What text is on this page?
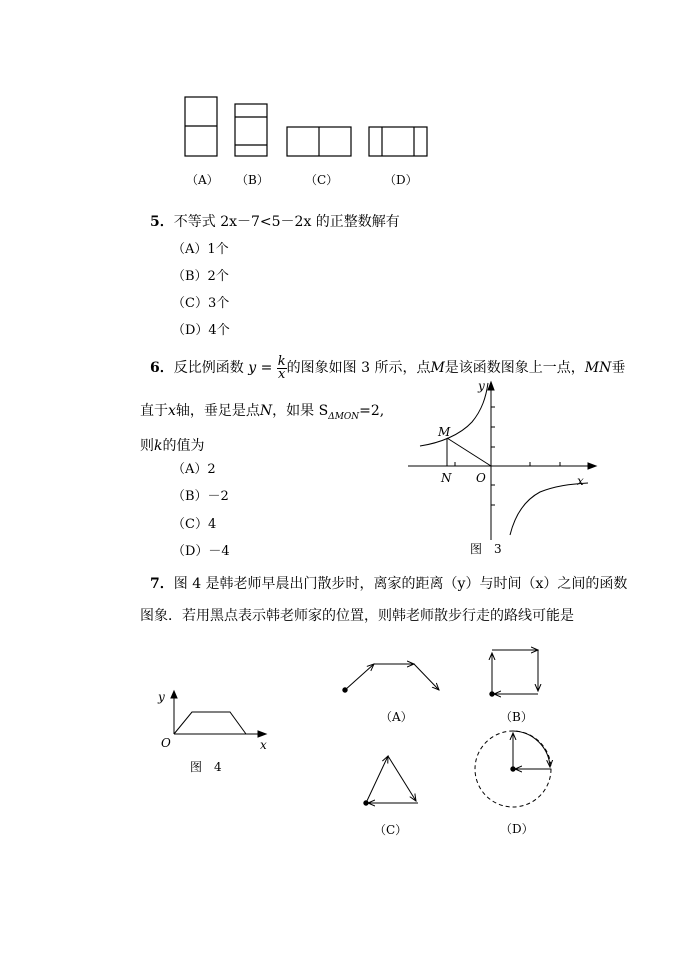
（A） （B）	（C）	（D）
5．不等式 2x－7<5－2x 的正整数解有
（A）1个
（B）2个
（C）3个
（D）4个
6．反比例函数 $y = \frac{k}{x}$ 的图象如图 3 所示，点M是该函数图象上一点，MN垂
直于x轴，垂足是点N，如果 $S_{\Delta MON}=2$,
则k的值为
（A）2
（B）－2
（C）4
（D）－4
y
M
N O	x
图　3
7．图 4 是韩老师早晨出门散步时，离家的距离（y）与时间（x）之间的函数
图象．若用黑点表示韩老师家的位置，则韩老师散步行走的路线可能是
y
O	x
图　4
（A）	（B）
（C）	（D）
